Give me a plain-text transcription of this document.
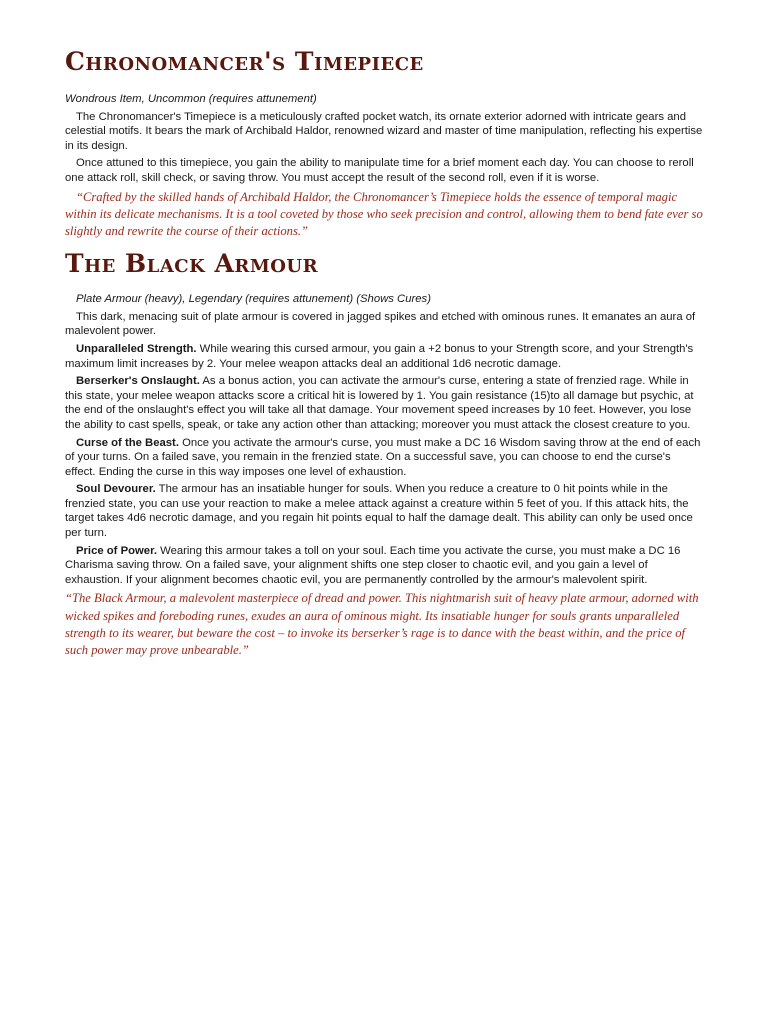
Chronomancer's Timepiece
Wondrous Item, Uncommon (requires attunement)

The Chronomancer's Timepiece is a meticulously crafted pocket watch, its ornate exterior adorned with intricate gears and celestial motifs. It bears the mark of Archibald Haldor, renowned wizard and master of time manipulation, reflecting his expertise in its design.

Once attuned to this timepiece, you gain the ability to manipulate time for a brief moment each day. You can choose to reroll one attack roll, skill check, or saving throw. You must accept the result of the second roll, even if it is worse.

“Crafted by the skilled hands of Archibald Haldor, the Chronomancer’s Timepiece holds the essence of temporal magic within its delicate mechanisms. It is a tool coveted by those who seek precision and control, allowing them to bend fate ever so slightly and rewrite the course of their actions.”
The Black Armour
Plate Armour (heavy), Legendary (requires attunement) (Shows Cures)

This dark, menacing suit of plate armour is covered in jagged spikes and etched with ominous runes. It emanates an aura of malevolent power.

Unparalleled Strength. While wearing this cursed armour, you gain a +2 bonus to your Strength score, and your Strength's maximum limit increases by 2. Your melee weapon attacks deal an additional 1d6 necrotic damage.

Berserker's Onslaught. As a bonus action, you can activate the armour's curse, entering a state of frenzied rage. While in this state, your melee weapon attacks score a critical hit is lowered by 1. You gain resistance (15)to all damage but psychic, at the end of the onslaught's effect you will take all that damage. Your movement speed increases by 10 feet. However, you lose the ability to cast spells, speak, or take any action other than attacking; moreover you must attack the closest creature to you.

Curse of the Beast. Once you activate the armour's curse, you must make a DC 16 Wisdom saving throw at the end of each of your turns. On a failed save, you remain in the frenzied state. On a successful save, you can choose to end the curse's effect. Ending the curse in this way imposes one level of exhaustion.

Soul Devourer. The armour has an insatiable hunger for souls. When you reduce a creature to 0 hit points while in the frenzied state, you can use your reaction to make a melee attack against a creature within 5 feet of you. If this attack hits, the target takes 4d6 necrotic damage, and you regain hit points equal to half the damage dealt. This ability can only be used once per turn.

Price of Power. Wearing this armour takes a toll on your soul. Each time you activate the curse, you must make a DC 16 Charisma saving throw. On a failed save, your alignment shifts one step closer to chaotic evil, and you gain a level of exhaustion. If your alignment becomes chaotic evil, you are permanently controlled by the armour's malevolent spirit.

“The Black Armour, a malevolent masterpiece of dread and power. This nightmarish suit of heavy plate armour, adorned with wicked spikes and foreboding runes, exudes an aura of ominous might. Its insatiable hunger for souls grants unparalleled strength to its wearer, but beware the cost – to invoke its berserker’s rage is to dance with the beast within, and the price of such power may prove unbearable.”
